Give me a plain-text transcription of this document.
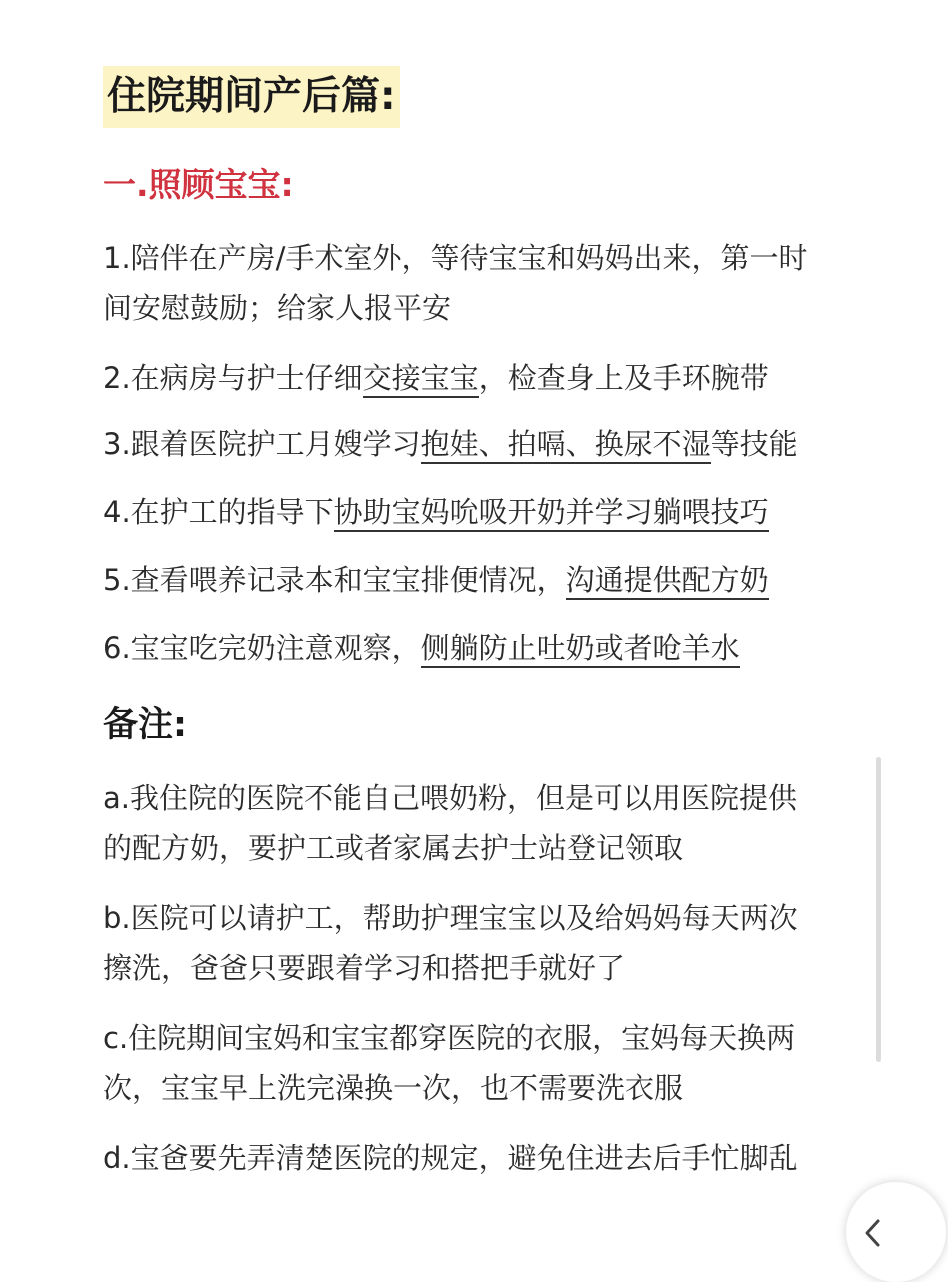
住院期间产后篇:
一.照顾宝宝:
1.陪伴在产房/手术室外，等待宝宝和妈妈出来，第一时
间安慰鼓励；给家人报平安
2.在病房与护士仔细交接宝宝，检查身上及手环腕带
3.跟着医院护工月嫂学习抱娃、拍嗝、换尿不湿等技能
4.在护工的指导下协助宝妈吮吸开奶并学习躺喂技巧
5.查看喂养记录本和宝宝排便情况，沟通提供配方奶
6.宝宝吃完奶注意观察，侧躺防止吐奶或者呛羊水
备注:
a.我住院的医院不能自己喂奶粉，但是可以用医院提供
的配方奶，要护工或者家属去护士站登记领取
b.医院可以请护工，帮助护理宝宝以及给妈妈每天两次
擦洗，爸爸只要跟着学习和搭把手就好了
c.住院期间宝妈和宝宝都穿医院的衣服，宝妈每天换两
次，宝宝早上洗完澡换一次，也不需要洗衣服
d.宝爸要先弄清楚医院的规定，避免住进去后手忙脚乱
